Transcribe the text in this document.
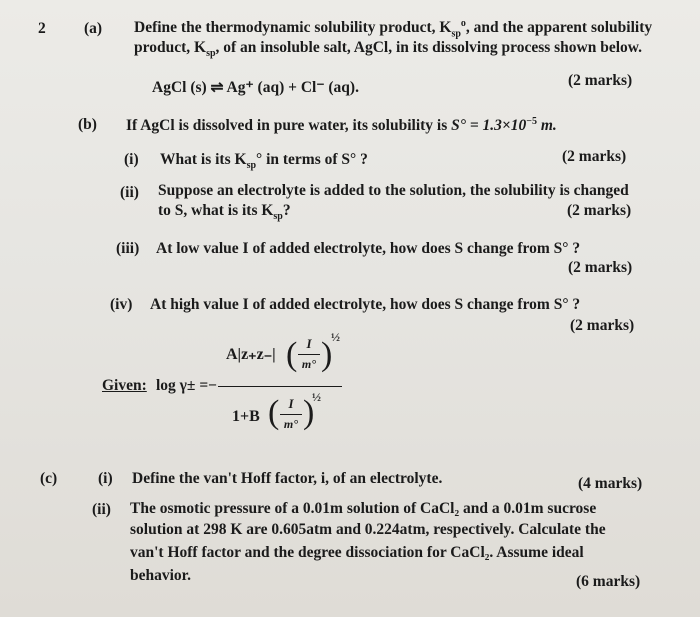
2 (a) Define the thermodynamic solubility product, $K_{sp}^o$, and the apparent solubility
product, $K_{sp}$, of an insoluble salt, AgCl, in its dissolving process shown below.
AgCl (s) ⇌ Ag⁺ (aq) + Cl⁻ (aq).	(2 marks)
(b) If AgCl is dissolved in pure water, its solubility is $S^\circ = 1.3\times 10^{-5}$ m.
(i) What is its $K_{sp}^\circ$ in terms of S° ?	(2 marks)
(ii) Suppose an electrolyte is added to the solution, the solubility is changed
to S, what is its $K_{sp}$?	(2 marks)
(iii) At low value I of added electrolyte, how does S change from S° ?
(2 marks)
(iv) At high value I of added electrolyte, how does S change from S° ?
(2 marks)
Given: log γ± =−
A|z₊z₋| ( I
m° )
½
1+B ( I
m° )
½
(c)	(i) Define the van't Hoff factor, i, of an electrolyte.	(4 marks)
(ii) The osmotic pressure of a 0.01m solution of CaCl₂ and a 0.01m sucrose
solution at 298 K are 0.605atm and 0.224atm, respectively. Calculate the
van't Hoff factor and the degree dissociation for CaCl₂. Assume ideal
behavior.	(6 marks)
